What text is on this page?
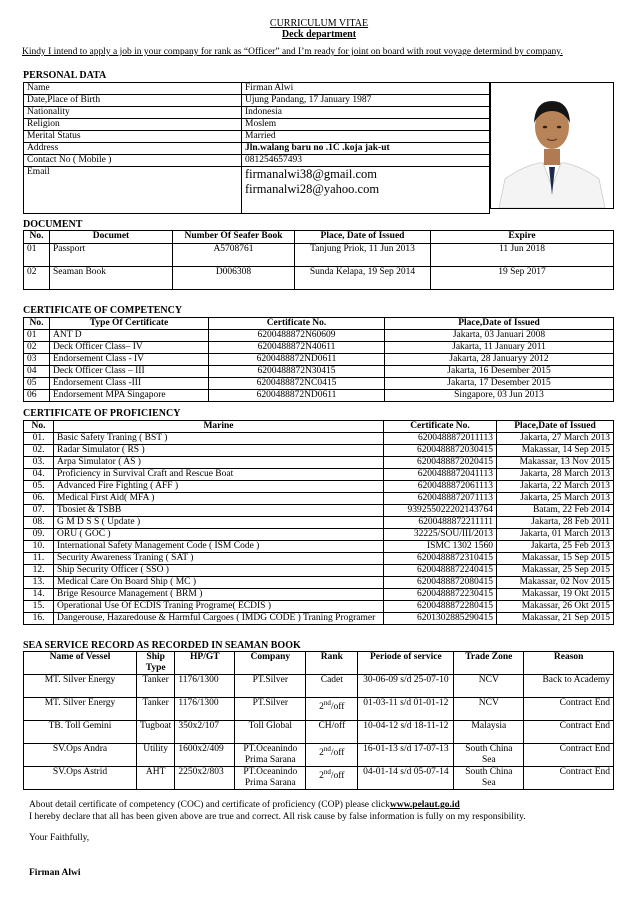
CURRICULUM VITAE
Deck department
Kindy I intend to apply a job in your company for rank as “Officer” and I’m ready for joint on board with rout voyage determind by company.
PERSONAL DATA
Name	Firman Alwi
Date,Place of Birth	Ujung Pandang, 17 January 1987
Nationality	Indonesia
Religion	Moslem
Merital Status	Married
Address	Jln.walang baru no .1C .koja jak-ut
Contact No ( Mobile )	081254657493
Email	firmanalwi38@gmail.com
firmanalwi28@yahoo.com
DOCUMENT
No.	Documet	Number Of Seafer Book	Place, Date of Issued	Expire
01	Passport	A5708761	Tanjung Priok, 11 Jun 2013	11 Jun 2018
02	Seaman Book	D006308	Sunda Kelapa, 19 Sep 2014	19 Sep 2017
CERTIFICATE OF COMPETENCY
No.	Type Of Certificate	Certificate No.	Place,Date of Issued
01	ANT D	6200488872N60609	Jakarta, 03 Januari 2008
02	Deck Officer Class– IV	6200488872N40611	Jakarta, 11 January 2011
03	Endorsement Class - IV	6200488872ND0611	Jakarta, 28 Januaryy 2012
04	Deck Officer Class – III	6200488872N30415	Jakarta, 16 Desember 2015
05	Endorsement Class -III	6200488872NC0415	Jakarta, 17 Desember 2015
06	Endorsement MPA Singapore	6200488872ND0611	Singapore, 03 Jun 2013
CERTIFICATE OF PROFICIENCY
No.	Marine	Certificate No.	Place,Date of Issued
01.	Basic Safety Traning ( BST )	6200488872011113	Jakarta, 27 March 2013
02.	Radar Simulator ( RS )	6200488872030415	Makassar, 14 Sep 2015
03.	Arpa Simulator ( AS )	6200488872020415	Makassar, 13 Nov 2015
04.	Proficiency in Survival Craft and Rescue Boat	6200488872041113	Jakarta, 28 March 2013
05.	Advanced Fire Fighting ( AFF )	6200488872061113	Jakarta, 22 March 2013
06.	Medical First Aid( MFA )	6200488872071113	Jakarta, 25 March 2013
07.	Tbosiet & TSBB	939255022202143764	Batam, 22 Feb 2014
08.	G M D S S ( Update )	6200488872211111	Jakarta, 28 Feb 2011
09.	ORU ( GOC )	32225/SOU/III/2013	Jakarta, 01 March 2013
10.	International Safety Management Code ( ISM Code )	ISMC 1302 1560	Jakarta, 25 Feb 2013
11.	Security Awareness Traning ( SAT )	6200488872310415	Makassar, 15 Sep 2015
12.	Ship Security Officer ( SSO )	6200488872240415	Makassar, 25 Sep 2015
13.	Medical Care On Board Ship ( MC )	6200488872080415	Makassar, 02 Nov 2015
14.	Brige Resource Management ( BRM )	6200488872230415	Makassar, 19 Okt 2015
15.	Operational Use Of ECDIS Traning Programe( ECDIS )	6200488872280415	Makassar, 26 Okt 2015
16.	Dangerouse, Hazaredouse & Harmful Cargoes ( IMDG CODE ) Traning Programer	6201302885290415	Makassar, 21 Sep 2015
SEA SERVICE RECORD AS RECORDED IN SEAMAN BOOK
Name of Vessel	Ship Type	HP/GT	Company	Rank	Periode of service	Trade Zone	Reason
MT. Silver Energy	Tanker	1176/1300	PT.Silver	Cadet	30-06-09 s/d 25-07-10	NCV	Back to Academy
MT. Silver Energy	Tanker	1176/1300	PT.Silver	2nd/off	01-03-11 s/d 01-01-12	NCV	Contract End
TB. Toll Gemini	Tugboat	350x2/107	Toll Global	CH/off	10-04-12 s/d 18-11-12	Malaysia	Contract End
SV.Ops Andra	Utility	1600x2/409	PT.Oceanindo Prima Sarana	2nd/off	16-01-13 s/d 17-07-13	South China Sea	Contract End
SV.Ops Astrid	AHT	2250x2/803	PT.Oceanindo Prima Sarana	2nd/off	04-01-14 s/d 05-07-14	South China Sea	Contract End
About detail certificate of competency (COC) and certificate of proficiency (COP) please clickwww.pelaut.go.id
I hereby declare that all has been given above are true and correct. All risk cause by false information is fully on my responsibility.
Your Faithfully,
Firman Alwi
